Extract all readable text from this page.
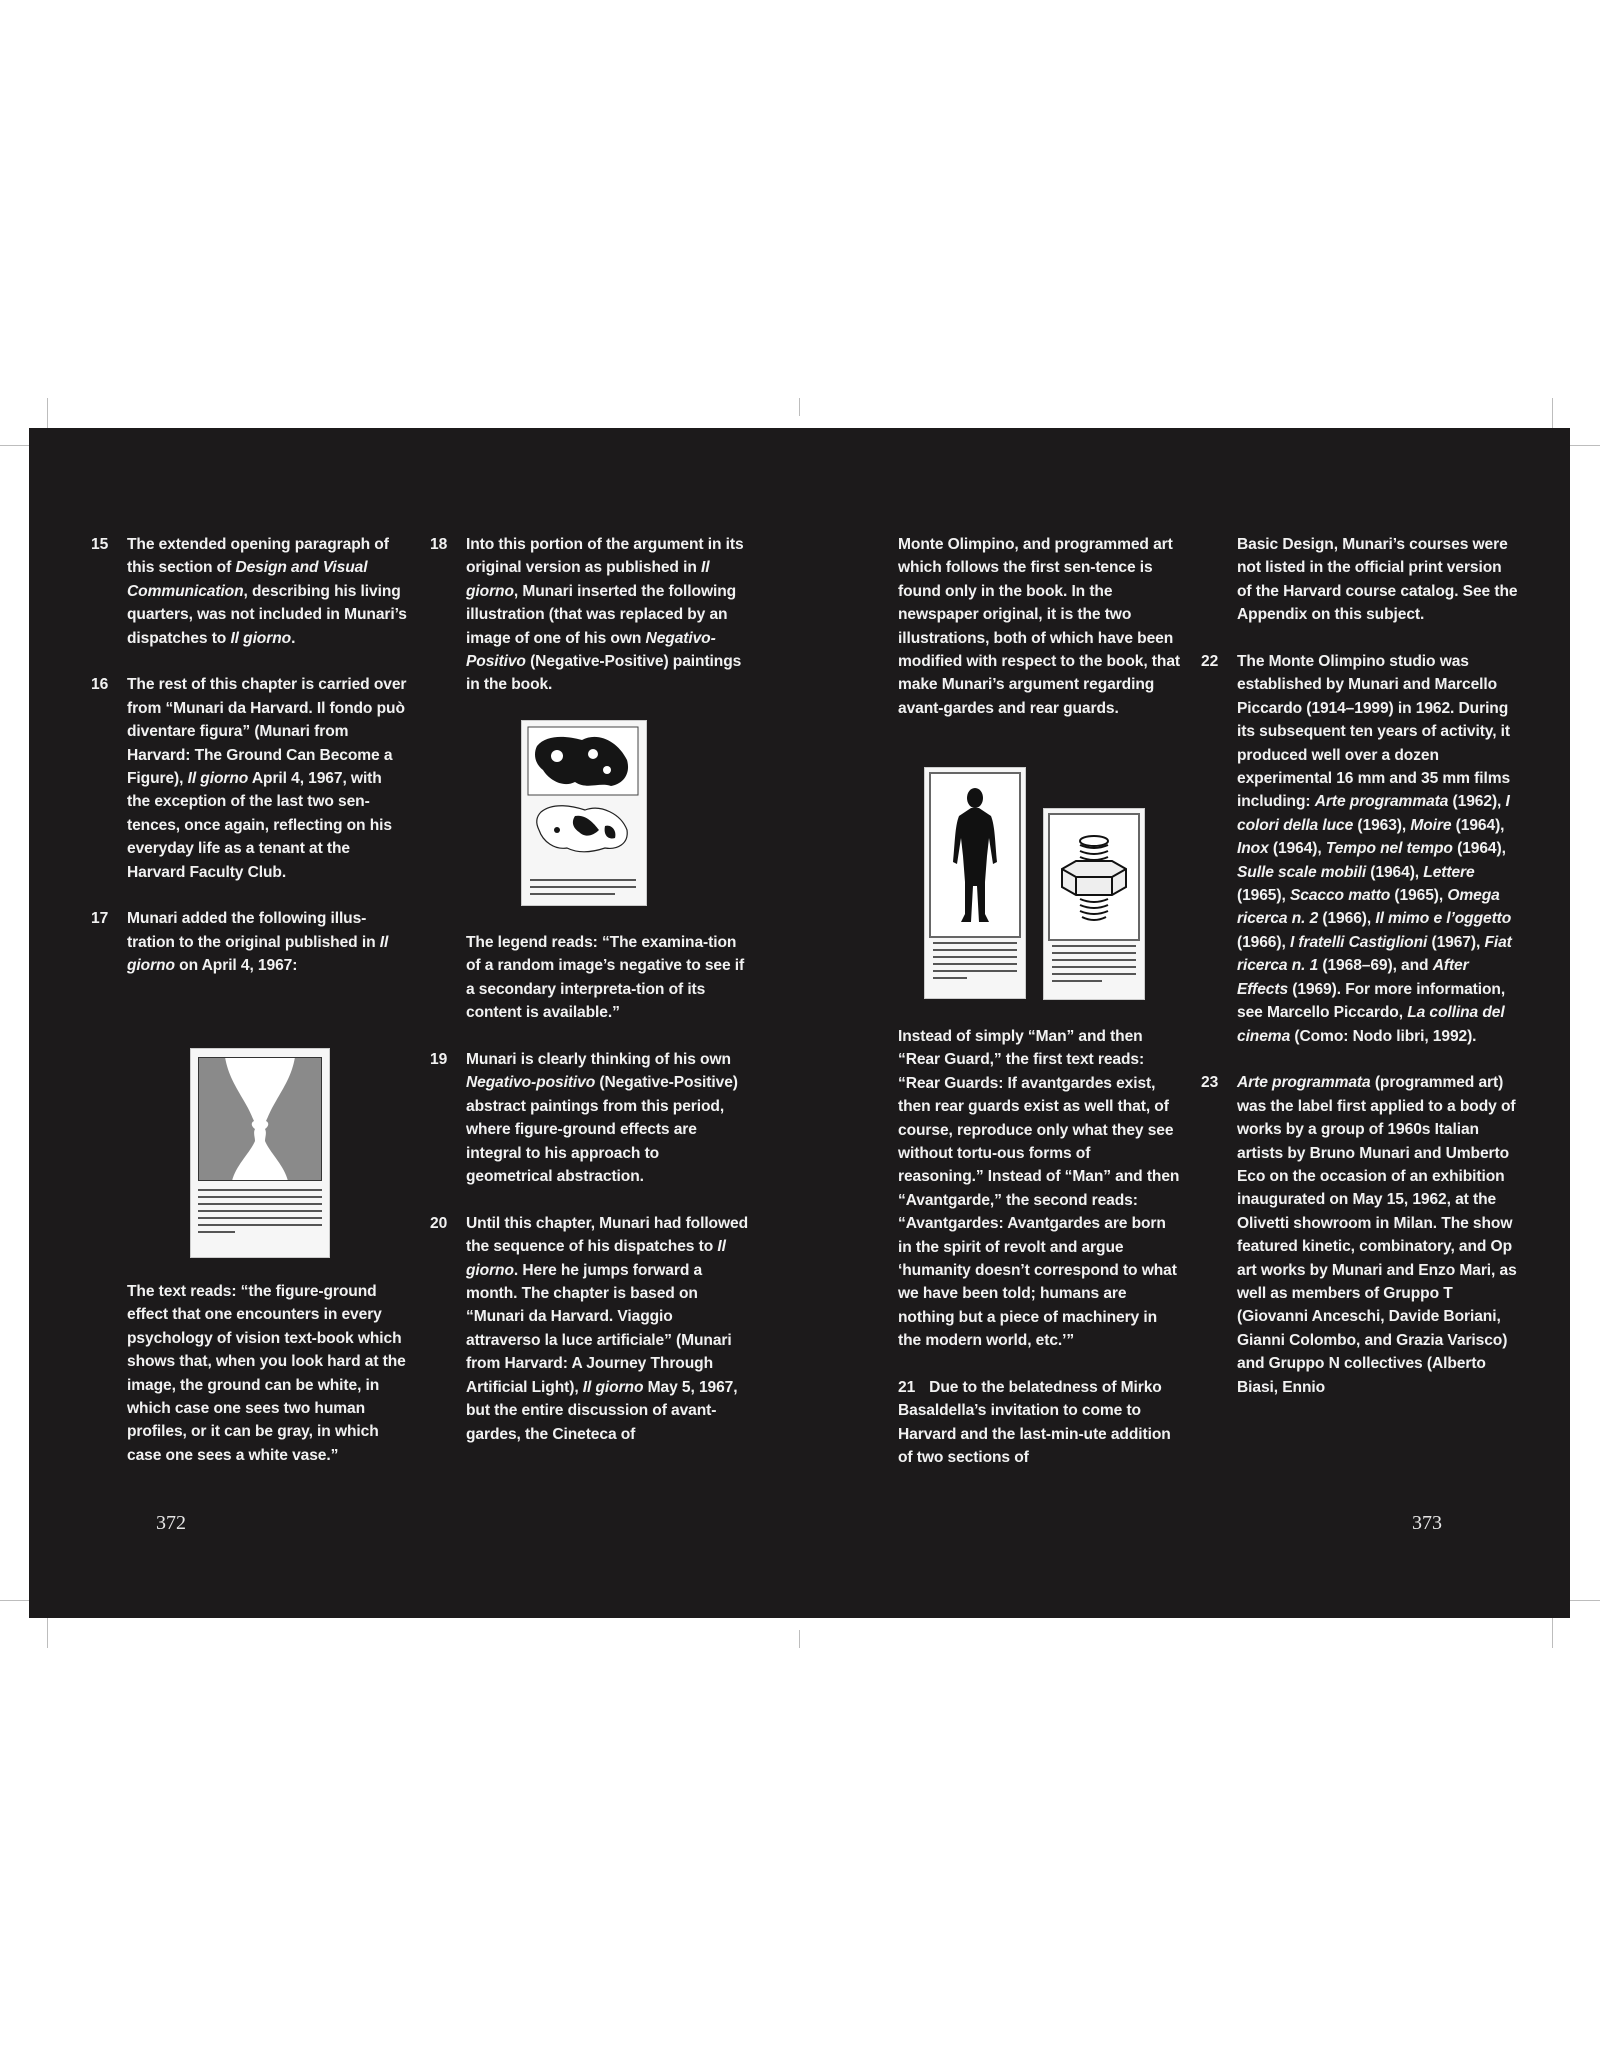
15	The extended opening paragraph of this section of Design and Visual Communication, describing his living quarters, was not included in Munari’s dispatches to Il giorno.
16	The rest of this chapter is carried over from “Munari da Harvard. Il fondo può diventare figura” (Munari from Harvard: The Ground Can Become a Figure), Il giorno April 4, 1967, with the exception of the last two sen-tences, once again, reflecting on his everyday life as a tenant at the Harvard Faculty Club.
17	Munari added the following illus-tration to the original published in Il giorno on April 4, 1967:
The text reads: “the figure-ground effect that one encounters in every psychology of vision text-book which shows that, when you look hard at the image, the ground can be white, in which case one sees two human profiles, or it can be gray, in which case one sees a white vase.”
372
18	Into this portion of the argument in its original version as published in Il giorno, Munari inserted the following illustration (that was replaced by an image of one of his own Negativo-Positivo (Negative-Positive) paintings in the book.
The legend reads: “The examina-tion of a random image’s negative to see if a secondary interpreta-tion of its content is available.”
19	Munari is clearly thinking of his own Negativo-positivo (Negative-Positive) abstract paintings from this period, where figure-ground effects are integral to his approach to geometrical abstraction.
20	Until this chapter, Munari had followed the sequence of his dispatches to Il giorno. Here he jumps forward a month. The chapter is based on “Munari da Harvard. Viaggio attraverso la luce artificiale” (Munari from Harvard: A Journey Through Artificial Light), Il giorno May 5, 1967, but the entire discussion of avant-gardes, the Cineteca of
Monte Olimpino, and programmed art which follows the first sen-tence is found only in the book. In the newspaper original, it is the two illustrations, both of which have been modified with respect to the book, that make Munari’s argument regarding avant-gardes and rear guards.
Instead of simply “Man” and then “Rear Guard,” the first text reads: “Rear Guards: If avantgardes exist, then rear guards exist as well that, of course, reproduce only what they see without tortu-ous forms of reasoning.” Instead of “Man” and then “Avantgarde,” the second reads: “Avantgardes: Avantgardes are born in the spirit of revolt and argue ‘humanity doesn’t correspond to what we have been told; humans are nothing but a piece of machinery in the modern world, etc.’”
21 Due to the belatedness of Mirko Basaldella’s invitation to come to Harvard and the last-min-ute addition of two sections of
Basic Design, Munari’s courses were not listed in the official print version of the Harvard course catalog. See the Appendix on this subject.
22	The Monte Olimpino studio was established by Munari and Marcello Piccardo (1914–1999) in 1962. During its subsequent ten years of activity, it produced well over a dozen experimental 16 mm and 35 mm films including: Arte programmata (1962), I colori della luce (1963), Moire (1964), Inox (1964), Tempo nel tempo (1964), Sulle scale mobili (1964), Lettere (1965), Scacco matto (1965), Omega ricerca n. 2 (1966), Il mimo e l’oggetto (1966), I fratelli Castiglioni (1967), Fiat ricerca n. 1 (1968–69), and After Effects (1969). For more information, see Marcello Piccardo, La collina del cinema (Como: Nodo libri, 1992).
23	Arte programmata (programmed art) was the label first applied to a body of works by a group of 1960s Italian artists by Bruno Munari and Umberto Eco on the occasion of an exhibition inaugurated on May 15, 1962, at the Olivetti showroom in Milan. The show featured kinetic, combinatory, and Op art works by Munari and Enzo Mari, as well as members of Gruppo T (Giovanni Anceschi, Davide Boriani, Gianni Colombo, and Grazia Varisco) and Gruppo N collectives (Alberto Biasi, Ennio
373
